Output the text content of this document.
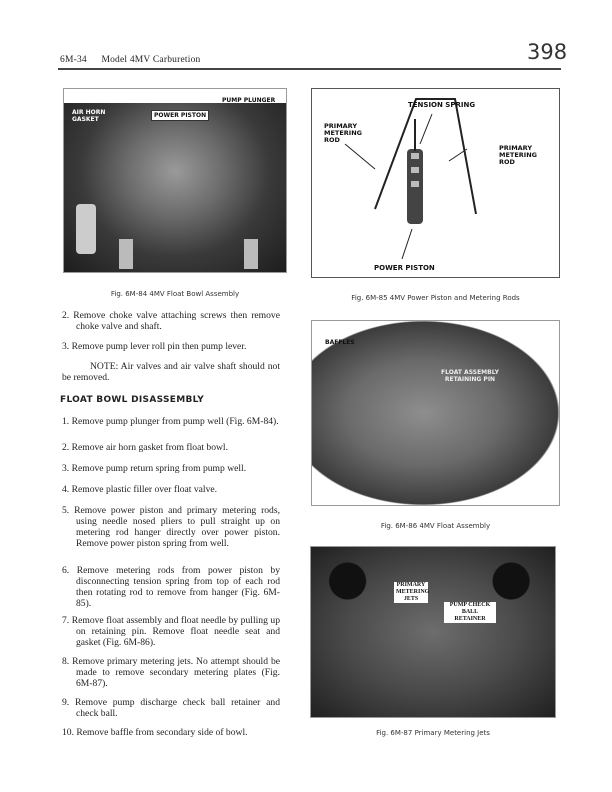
6M-34 Model 4MV Carburetion	398
AIR HORN GASKET
POWER PISTON
PUMP PLUNGER
Fig. 6M-84 4MV Float Bowl Assembly
TENSION SPRING
PRIMARY METERING ROD
PRIMARY METERING ROD
POWER PISTON
Fig. 6M-85 4MV Power Piston and Metering Rods
BAFFLES
FLOAT ASSEMBLY RETAINING PIN
Fig. 6M-86 4MV Float Assembly
PRIMARY METERING JETS
PUMP CHECK BALL RETAINER
Fig. 6M-87 Primary Metering Jets
2. Remove choke valve attaching screws then remove choke valve and shaft.
3. Remove pump lever roll pin then pump lever.
NOTE: Air valves and air valve shaft should not be removed.
FLOAT BOWL DISASSEMBLY
1. Remove pump plunger from pump well (Fig. 6M-84).
2. Remove air horn gasket from float bowl.
3. Remove pump return spring from pump well.
4. Remove plastic filler over float valve.
5. Remove power piston and primary metering rods, using needle nosed pliers to pull straight up on metering rod hanger directly over power piston. Remove power piston spring from well.
6. Remove metering rods from power piston by disconnecting tension spring from top of each rod then rotating rod to remove from hanger (Fig. 6M-85).
7. Remove float assembly and float needle by pulling up on retaining pin. Remove float needle seat and gasket (Fig. 6M-86).
8. Remove primary metering jets. No attempt should be made to remove secondary metering plates (Fig. 6M-87).
9. Remove pump discharge check ball retainer and check ball.
10. Remove baffle from secondary side of bowl.
